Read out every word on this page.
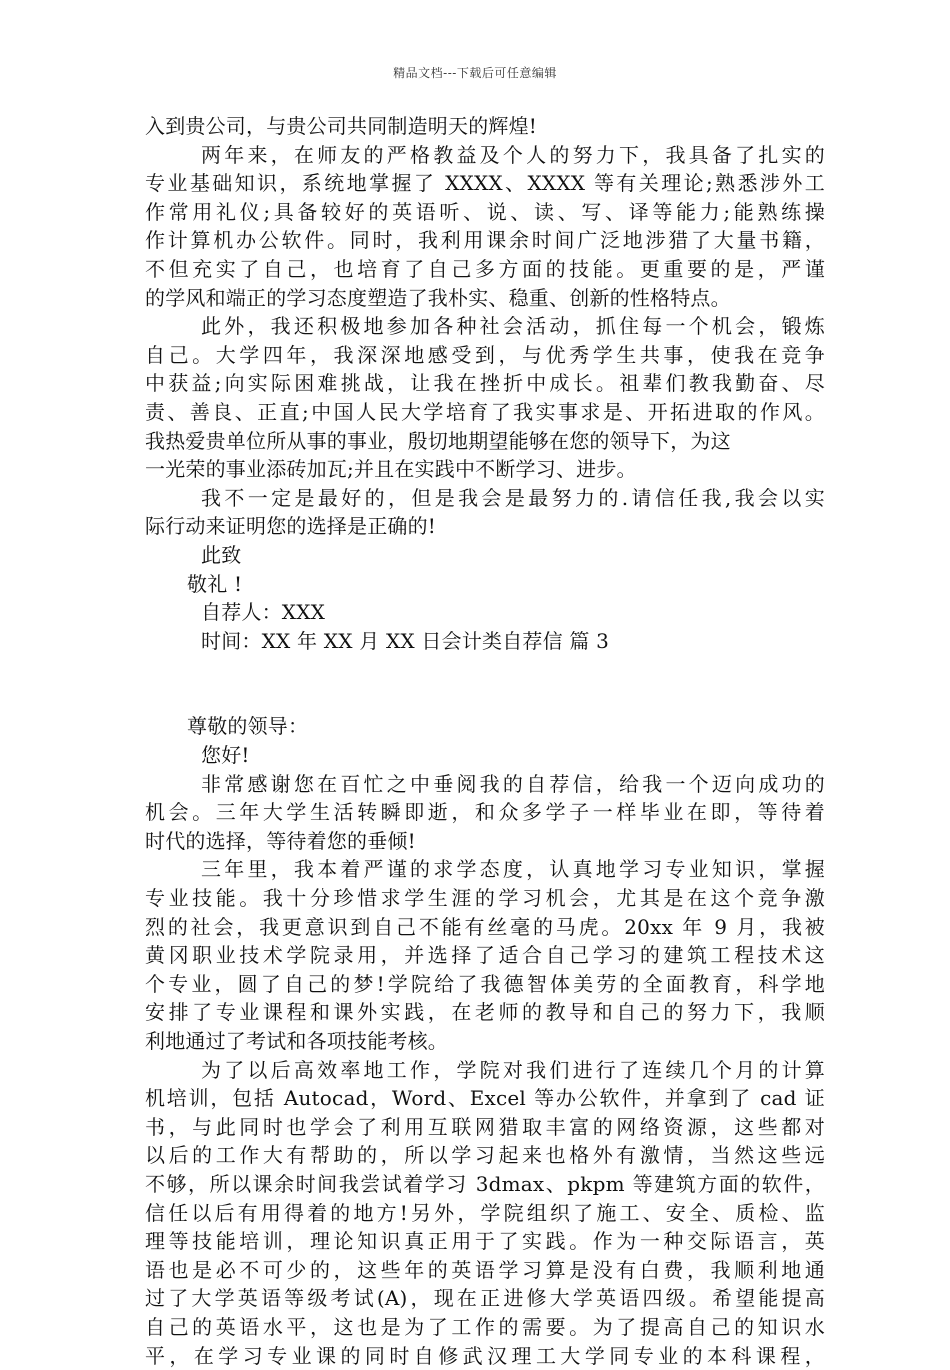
精品文档---下载后可任意编辑
入到贵公司，与贵公司共同制造明天的辉煌!
两年来，在师友的严格教益及个人的努力下，我具备了扎实的
专业基础知识，系统地掌握了 XXXX、XXXX 等有关理论;熟悉涉外工
作常用礼仪;具备较好的英语听、说、读、写、译等能力;能熟练操
作计算机办公软件。同时，我利用课余时间广泛地涉猎了大量书籍，
不但充实了自己，也培育了自己多方面的技能。更重要的是，严谨
的学风和端正的学习态度塑造了我朴实、稳重、创新的性格特点。
此外，我还积极地参加各种社会活动，抓住每一个机会，锻炼
自己。大学四年，我深深地感受到，与优秀学生共事，使我在竞争
中获益;向实际困难挑战，让我在挫折中成长。祖辈们教我勤奋、尽
责、善良、正直;中国人民大学培育了我实事求是、开拓进取的作风。
我热爱贵单位所从事的事业，殷切地期望能够在您的领导下，为这
一光荣的事业添砖加瓦;并且在实践中不断学习、进步。
我不一定是最好的，但是我会是最努力的.请信任我,我会以实
际行动来证明您的选择是正确的!
此致
敬礼 !
自荐人：XXX
时间：XX 年 XX 月 XX 日会计类自荐信 篇 3
尊敬的领导：
您好!
非常感谢您在百忙之中垂阅我的自荐信，给我一个迈向成功的
机会。三年大学生活转瞬即逝，和众多学子一样毕业在即，等待着
时代的选择，等待着您的垂倾!
三年里，我本着严谨的求学态度，认真地学习专业知识，掌握
专业技能。我十分珍惜求学生涯的学习机会，尤其是在这个竞争激
烈的社会，我更意识到自己不能有丝毫的马虎。20xx 年 9 月，我被
黄冈职业技术学院录用，并选择了适合自己学习的建筑工程技术这
个专业，圆了自己的梦!学院给了我德智体美劳的全面教育，科学地
安排了专业课程和课外实践，在老师的教导和自己的努力下，我顺
利地通过了考试和各项技能考核。
为了以后高效率地工作，学院对我们进行了连续几个月的计算
机培训，包括 Autocad，Word、Excel 等办公软件，并拿到了 cad 证
书，与此同时也学会了利用互联网猎取丰富的网络资源，这些都对
以后的工作大有帮助的，所以学习起来也格外有激情，当然这些远
不够，所以课余时间我尝试着学习 3dmax、pkpm 等建筑方面的软件，
信任以后有用得着的地方!另外，学院组织了施工、安全、质检、监
理等技能培训，理论知识真正用于了实践。作为一种交际语言，英
语也是必不可少的，这些年的英语学习算是没有白费，我顺利地通
过了大学英语等级考试(A)，现在正进修大学英语四级。希望能提高
自己的英语水平，这也是为了工作的需要。为了提高自己的知识水
平，在学习专业课的同时自修武汉理工大学同专业的本科课程，
